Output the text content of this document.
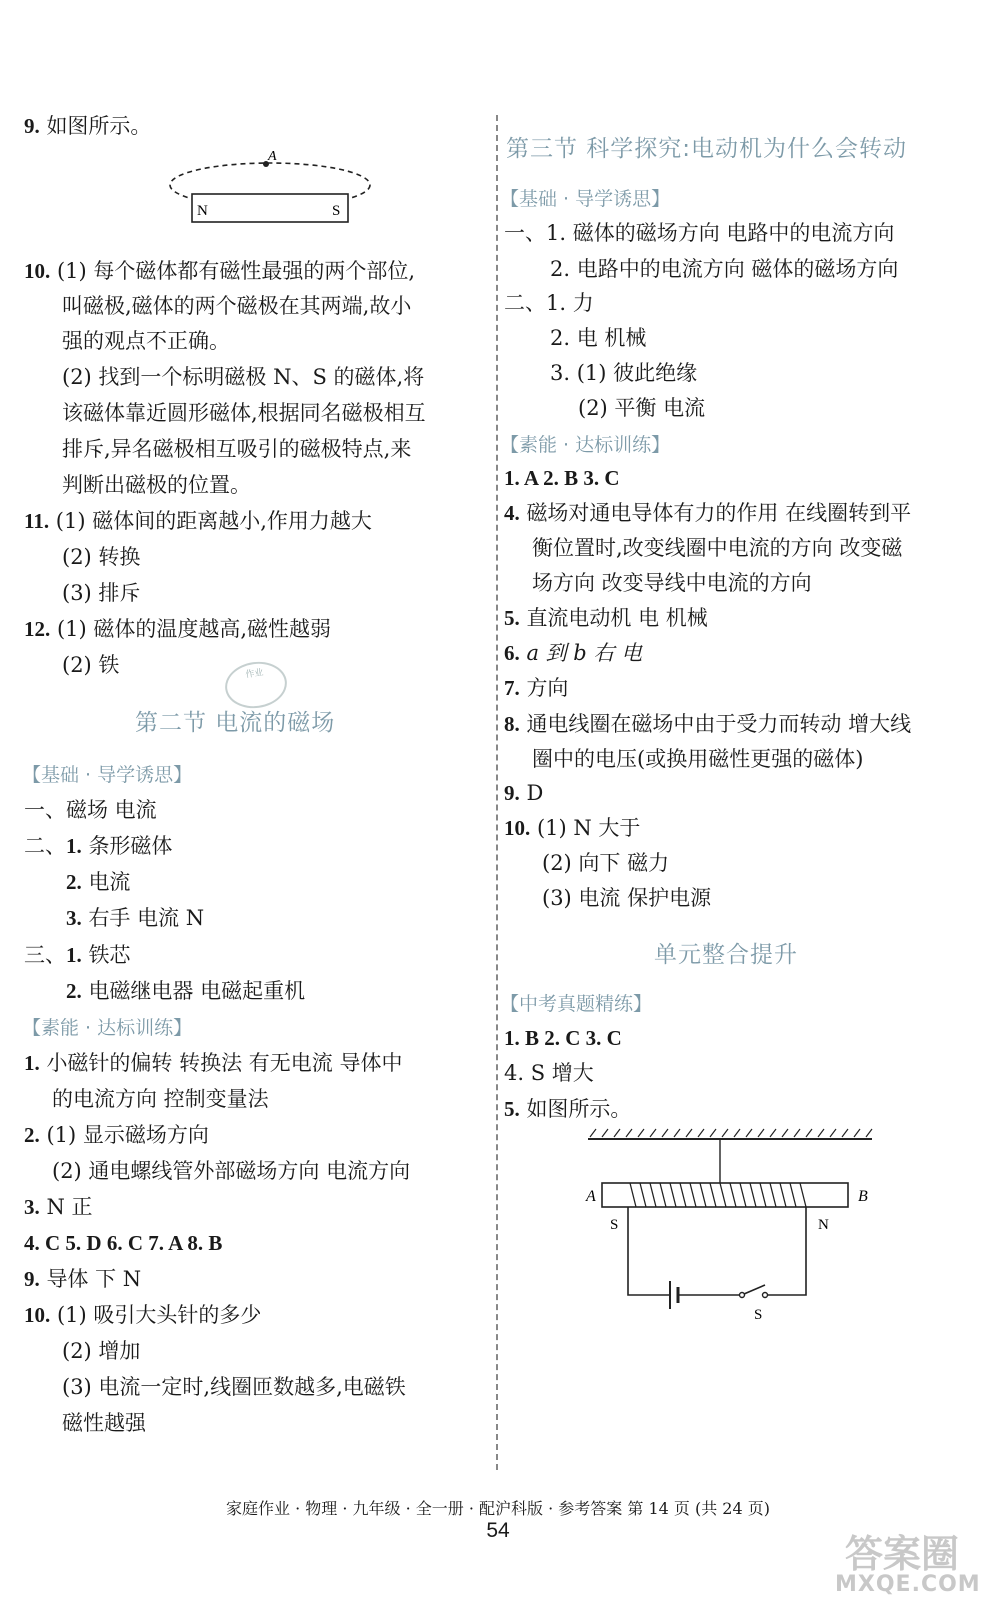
9. 如图所示。
A
N	S
10. (1) 每个磁体都有磁性最强的两个部位,
叫磁极,磁体的两个磁极在其两端,故小
强的观点不正确。
(2) 找到一个标明磁极 N、S 的磁体,将
该磁体靠近圆形磁体,根据同名磁极相互
排斥,异名磁极相互吸引的磁极特点,来
判断出磁极的位置。
11. (1) 磁体间的距离越小,作用力越大
(2) 转换
(3) 排斥
12. (1) 磁体的温度越高,磁性越弱
(2) 铁	作业
第二节 电流的磁场
【基础 · 导学诱思】
一、磁场 电流
二、1. 条形磁体
2. 电流
3. 右手 电流 N
三、1. 铁芯
2. 电磁继电器 电磁起重机
【素能 · 达标训练】
1. 小磁针的偏转 转换法 有无电流 导体中
的电流方向 控制变量法
2. (1) 显示磁场方向
(2) 通电螺线管外部磁场方向 电流方向
3. N 正
4. C 5. D 6. C 7. A 8. B
9. 导体 下 N
10. (1) 吸引大头针的多少
(2) 增加
(3) 电流一定时,线圈匝数越多,电磁铁
磁性越强
第三节 科学探究:电动机为什么会转动
【基础 · 导学诱思】
一、1. 磁体的磁场方向 电路中的电流方向
2. 电路中的电流方向 磁体的磁场方向
二、1. 力
2. 电 机械
3. (1) 彼此绝缘
(2) 平衡 电流
【素能 · 达标训练】
1. A 2. B 3. C
4. 磁场对通电导体有力的作用 在线圈转到平
衡位置时,改变线圈中电流的方向 改变磁
场方向 改变导线中电流的方向
5. 直流电动机 电 机械
6. a 到 b 右 电
7. 方向
8. 通电线圈在磁场中由于受力而转动 增大线
圈中的电压(或换用磁性更强的磁体)
9. D
10. (1) N 大于
(2) 向下 磁力
(3) 电流 保护电源
单元整合提升
【中考真题精练】
1. B 2. C 3. C
4. S 增大
5. 如图所示。
A	B
S	N
S
家庭作业 · 物理 · 九年级 · 全一册 · 配沪科版 · 参考答案 第 14 页 (共 24 页)
54
答案圈
MXQE.COM
